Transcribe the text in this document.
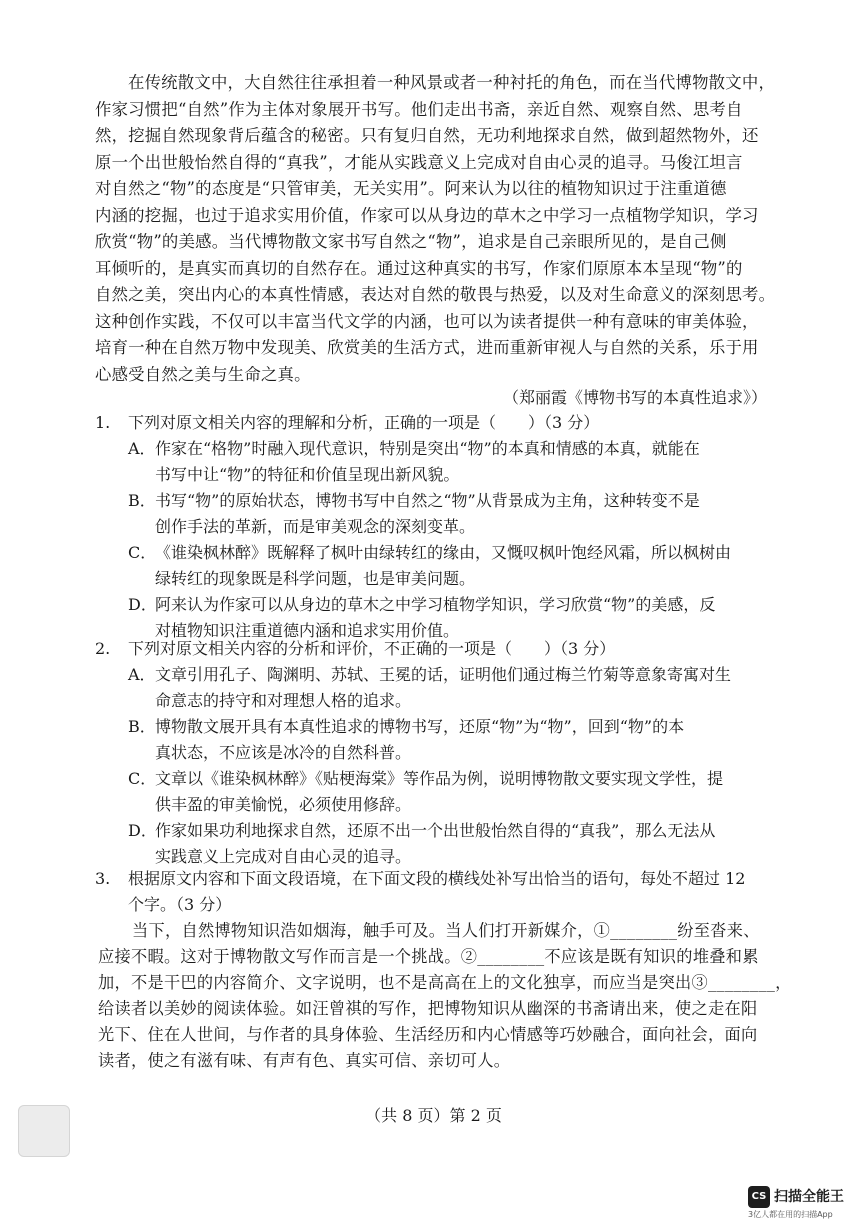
在传统散文中，大自然往往承担着一种风景或者一种衬托的角色，而在当代博物散文中，
作家习惯把“自然”作为主体对象展开书写。他们走出书斋，亲近自然、观察自然、思考自
然，挖掘自然现象背后蕴含的秘密。只有复归自然，无功利地探求自然，做到超然物外，还
原一个出世般怡然自得的“真我”，才能从实践意义上完成对自由心灵的追寻。马俊江坦言
对自然之“物”的态度是“只管审美，无关实用”。阿来认为以往的植物知识过于注重道德
内涵的挖掘，也过于追求实用价值，作家可以从身边的草木之中学习一点植物学知识，学习
欣赏“物”的美感。当代博物散文家书写自然之“物”，追求是自己亲眼所见的，是自己侧
耳倾听的，是真实而真切的自然存在。通过这种真实的书写，作家们原原本本呈现“物”的
自然之美，突出内心的本真性情感，表达对自然的敬畏与热爱，以及对生命意义的深刻思考。
这种创作实践，不仅可以丰富当代文学的内涵，也可以为读者提供一种有意味的审美体验，
培育一种在自然万物中发现美、欣赏美的生活方式，进而重新审视人与自然的关系，乐于用
心感受自然之美与生命之真。
（郑丽霞《博物书写的本真性追求》）
1. 下列对原文相关内容的理解和分析，正确的一项是（　　）（3 分）
A． 作家在“格物”时融入现代意识，特别是突出“物”的本真和情感的本真，就能在
书写中让“物”的特征和价值呈现出新风貌。
B． 书写“物”的原始状态，博物书写中自然之“物”从背景成为主角，这种转变不是
创作手法的革新，而是审美观念的深刻变革。
C．
《谁染枫林醉》既解释了枫叶由绿转红的缘由，又慨叹枫叶饱经风霜，所以枫树由
绿转红的现象既是科学问题，也是审美问题。
D．
阿来认为作家可以从身边的草木之中学习植物学知识，学习欣赏“物”的美感，反
对植物知识注重道德内涵和追求实用价值。
2. 下列对原文相关内容的分析和评价，不正确的一项是（　　）（3 分）
A． 文章引用孔子、陶渊明、苏轼、王冕的话，证明他们通过梅兰竹菊等意象寄寓对生
命意志的持守和对理想人格的追求。
B． 博物散文展开具有本真性追求的博物书写，还原“物”为“物”，回到“物”的本
真状态，不应该是冰冷的自然科普。
C．
文章以《谁染枫林醉》《贴梗海棠》等作品为例，说明博物散文要实现文学性，提
供丰盈的审美愉悦，必须使用修辞。
D．
作家如果功利地探求自然，还原不出一个出世般怡然自得的“真我”，那么无法从
实践意义上完成对自由心灵的追寻。
3. 根据原文内容和下面文段语境，在下面文段的横线处补写出恰当的语句，每处不超过 12
个字。（3 分）
当下，自然博物知识浩如烟海，触手可及。当人们打开新媒介，①________纷至沓来、
应接不暇。这对于博物散文写作而言是一个挑战。②________不应该是既有知识的堆叠和累
加，不是干巴的内容简介、文字说明，也不是高高在上的文化独享，而应当是突出③________，
给读者以美妙的阅读体验。如汪曾祺的写作，把博物知识从幽深的书斋请出来，使之走在阳
光下、住在人世间，与作者的具身体验、生活经历和内心情感等巧妙融合，面向社会，面向
读者，使之有滋有味、有声有色、真实可信、亲切可人。
（共 8 页）第 2 页
CS 扫描全能王
3亿人都在用的扫描App
